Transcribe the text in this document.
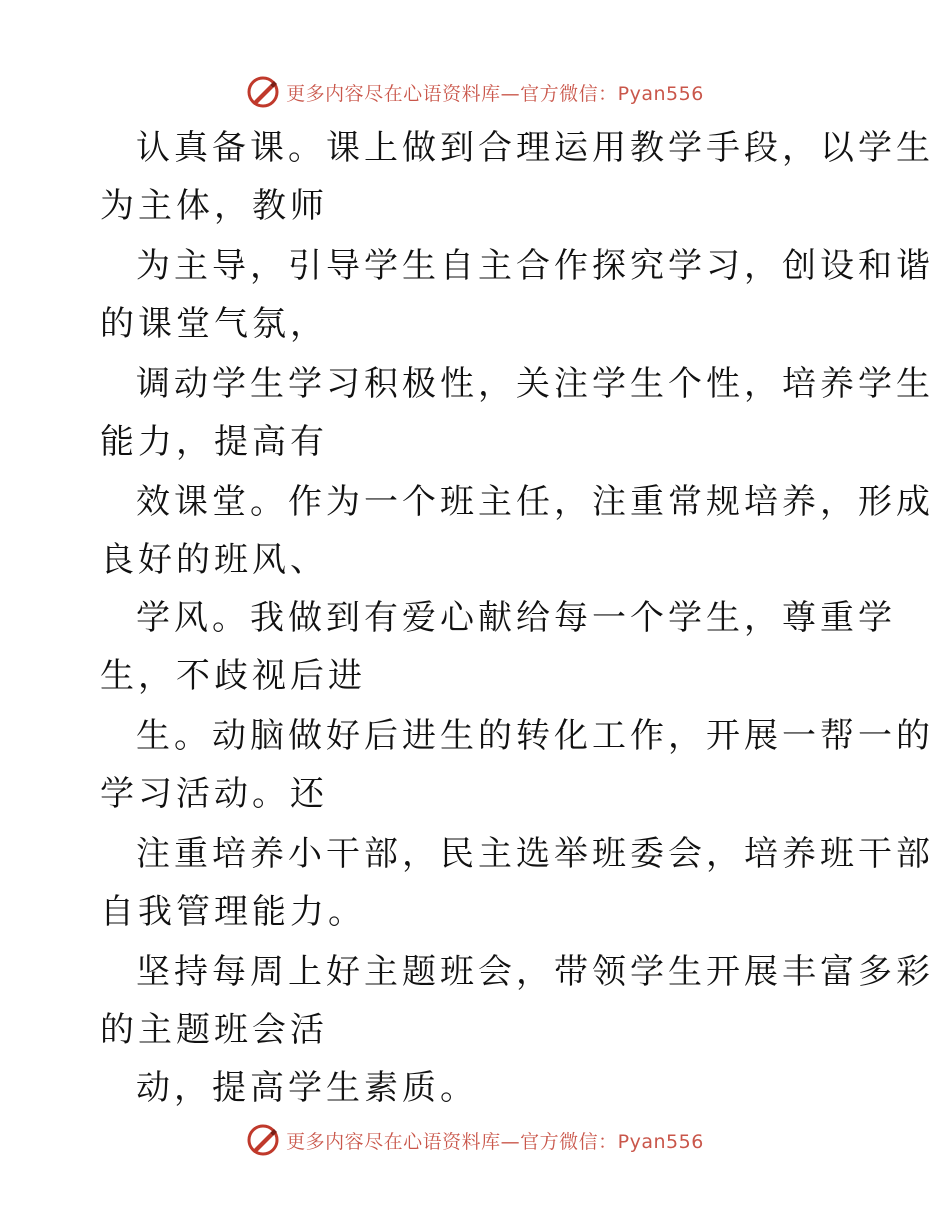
更多内容尽在心语资料库—官方微信：Pyan556
认真备课。课上做到合理运用教学手段，以学生
为主体，教师
为主导，引导学生自主合作探究学习，创设和谐
的课堂气氛，
调动学生学习积极性，关注学生个性，培养学生
能力，提高有
效课堂。作为一个班主任，注重常规培养，形成
良好的班风、
学风。我做到有爱心献给每一个学生，尊重学
生，不歧视后进
生。动脑做好后进生的转化工作，开展一帮一的
学习活动。还
注重培养小干部，民主选举班委会，培养班干部
自我管理能力。
坚持每周上好主题班会，带领学生开展丰富多彩
的主题班会活
动，提高学生素质。
更多内容尽在心语资料库—官方微信：Pyan556
